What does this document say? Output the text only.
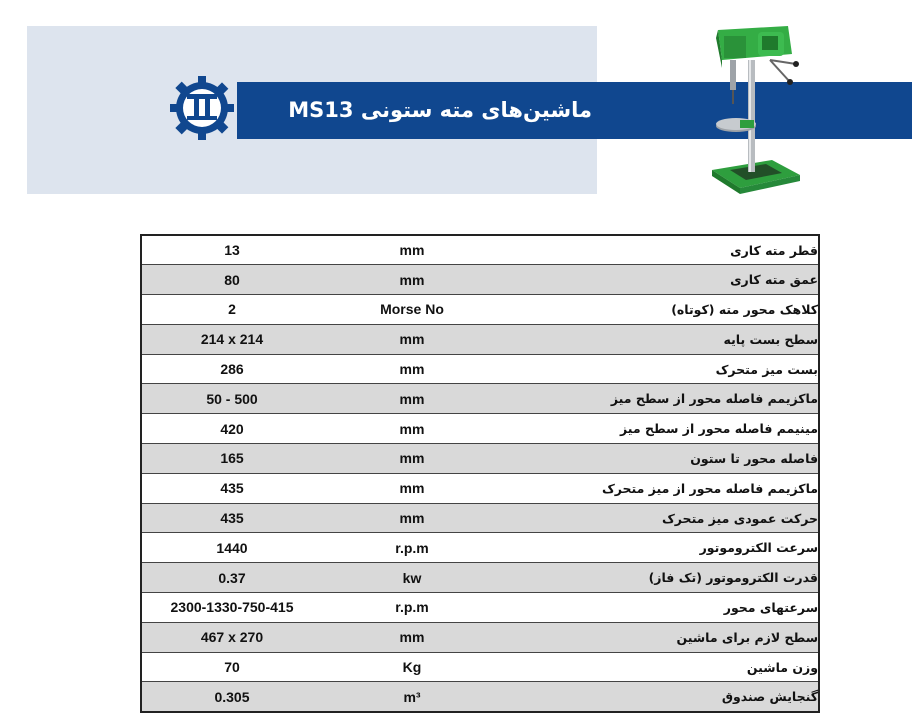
ماشین‌های مته ستونی MS13
13	mm	قطر مته کاری
80	mm	عمق مته کاری
2	Morse No	کلاهک محور مته (کوتاه)
214 x 214	mm	سطح بست پایه
286	mm	بست میز متحرک
50 - 500	mm	ماکزیمم فاصله محور از سطح میز
420	mm	مینیمم فاصله محور از سطح میز
165	mm	فاصله محور تا ستون
435	mm	ماکزیمم فاصله محور از میز متحرک
435	mm	حرکت عمودی میز متحرک
1440	r.p.m	سرعت الکتروموتور
0.37	kw	قدرت الکتروموتور (تک فاز)
2300-1330-750-415	r.p.m	سرعتهای محور
467 x 270	mm	سطح لازم برای ماشین
70	Kg	وزن ماشین
0.305	m³	گنجایش صندوق
